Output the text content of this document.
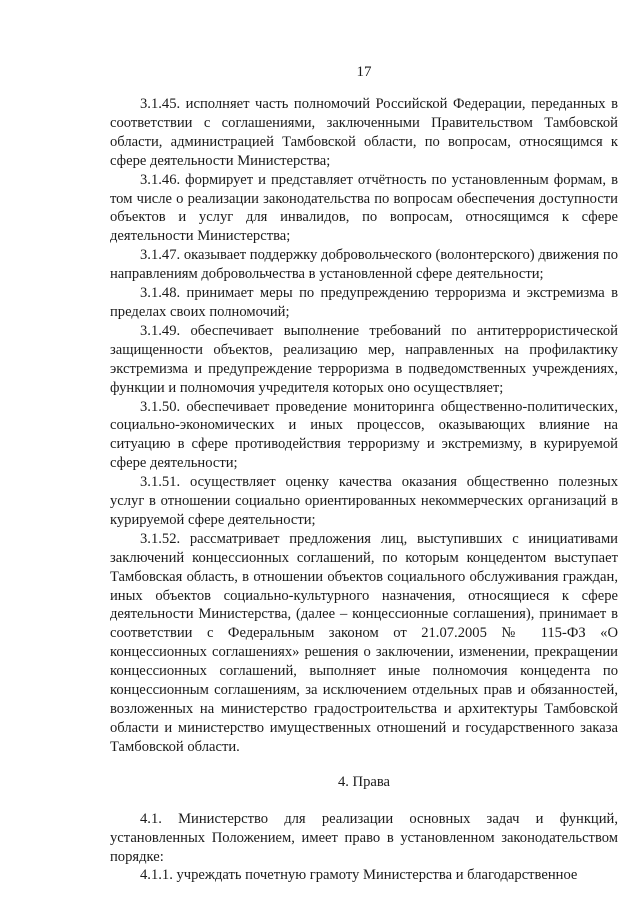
17

3.1.45. исполняет часть полномочий Российской Федерации, переданных в соответствии с соглашениями, заключенными Правительством Тамбовской области, администрацией Тамбовской области, по вопросам, относящимся к сфере деятельности Министерства;

3.1.46. формирует и представляет отчётность по установленным формам, в том числе о реализации законодательства по вопросам обеспечения доступности объектов и услуг для инвалидов, по вопросам, относящимся к сфере деятельности Министерства;

3.1.47. оказывает поддержку добровольческого (волонтерского) движения по направлениям добровольчества в установленной сфере деятельности;

3.1.48. принимает меры по предупреждению терроризма и экстремизма в пределах своих полномочий;

3.1.49. обеспечивает выполнение требований по антитеррористической защищенности объектов, реализацию мер, направленных на профилактику экстремизма и предупреждение терроризма в подведомственных учреждениях, функции и полномочия учредителя которых оно осуществляет;

3.1.50. обеспечивает проведение мониторинга общественно-политических, социально-экономических и иных процессов, оказывающих влияние на ситуацию в сфере противодействия терроризму и экстремизму, в курируемой сфере деятельности;

3.1.51. осуществляет оценку качества оказания общественно полезных услуг в отношении социально ориентированных некоммерческих организаций в курируемой сфере деятельности;

3.1.52. рассматривает предложения лиц, выступивших с инициативами заключений концессионных соглашений, по которым концедентом выступает Тамбовская область, в отношении объектов социального обслуживания граждан, иных объектов социально-культурного назначения, относящиеся к сфере деятельности Министерства, (далее – концессионные соглашения), принимает в соответствии с Федеральным законом от 21.07.2005 № 115-ФЗ «О концессионных соглашениях» решения о заключении, изменении, прекращении концессионных соглашений, выполняет иные полномочия концедента по концессионным соглашениям, за исключением отдельных прав и обязанностей, возложенных на министерство градостроительства и архитектуры Тамбовской области и министерство имущественных отношений и государственного заказа Тамбовской области.

4. Права

4.1. Министерство для реализации основных задач и функций, установленных Положением, имеет право в установленном законодательством порядке:

4.1.1. учреждать почетную грамоту Министерства и благодарственное
